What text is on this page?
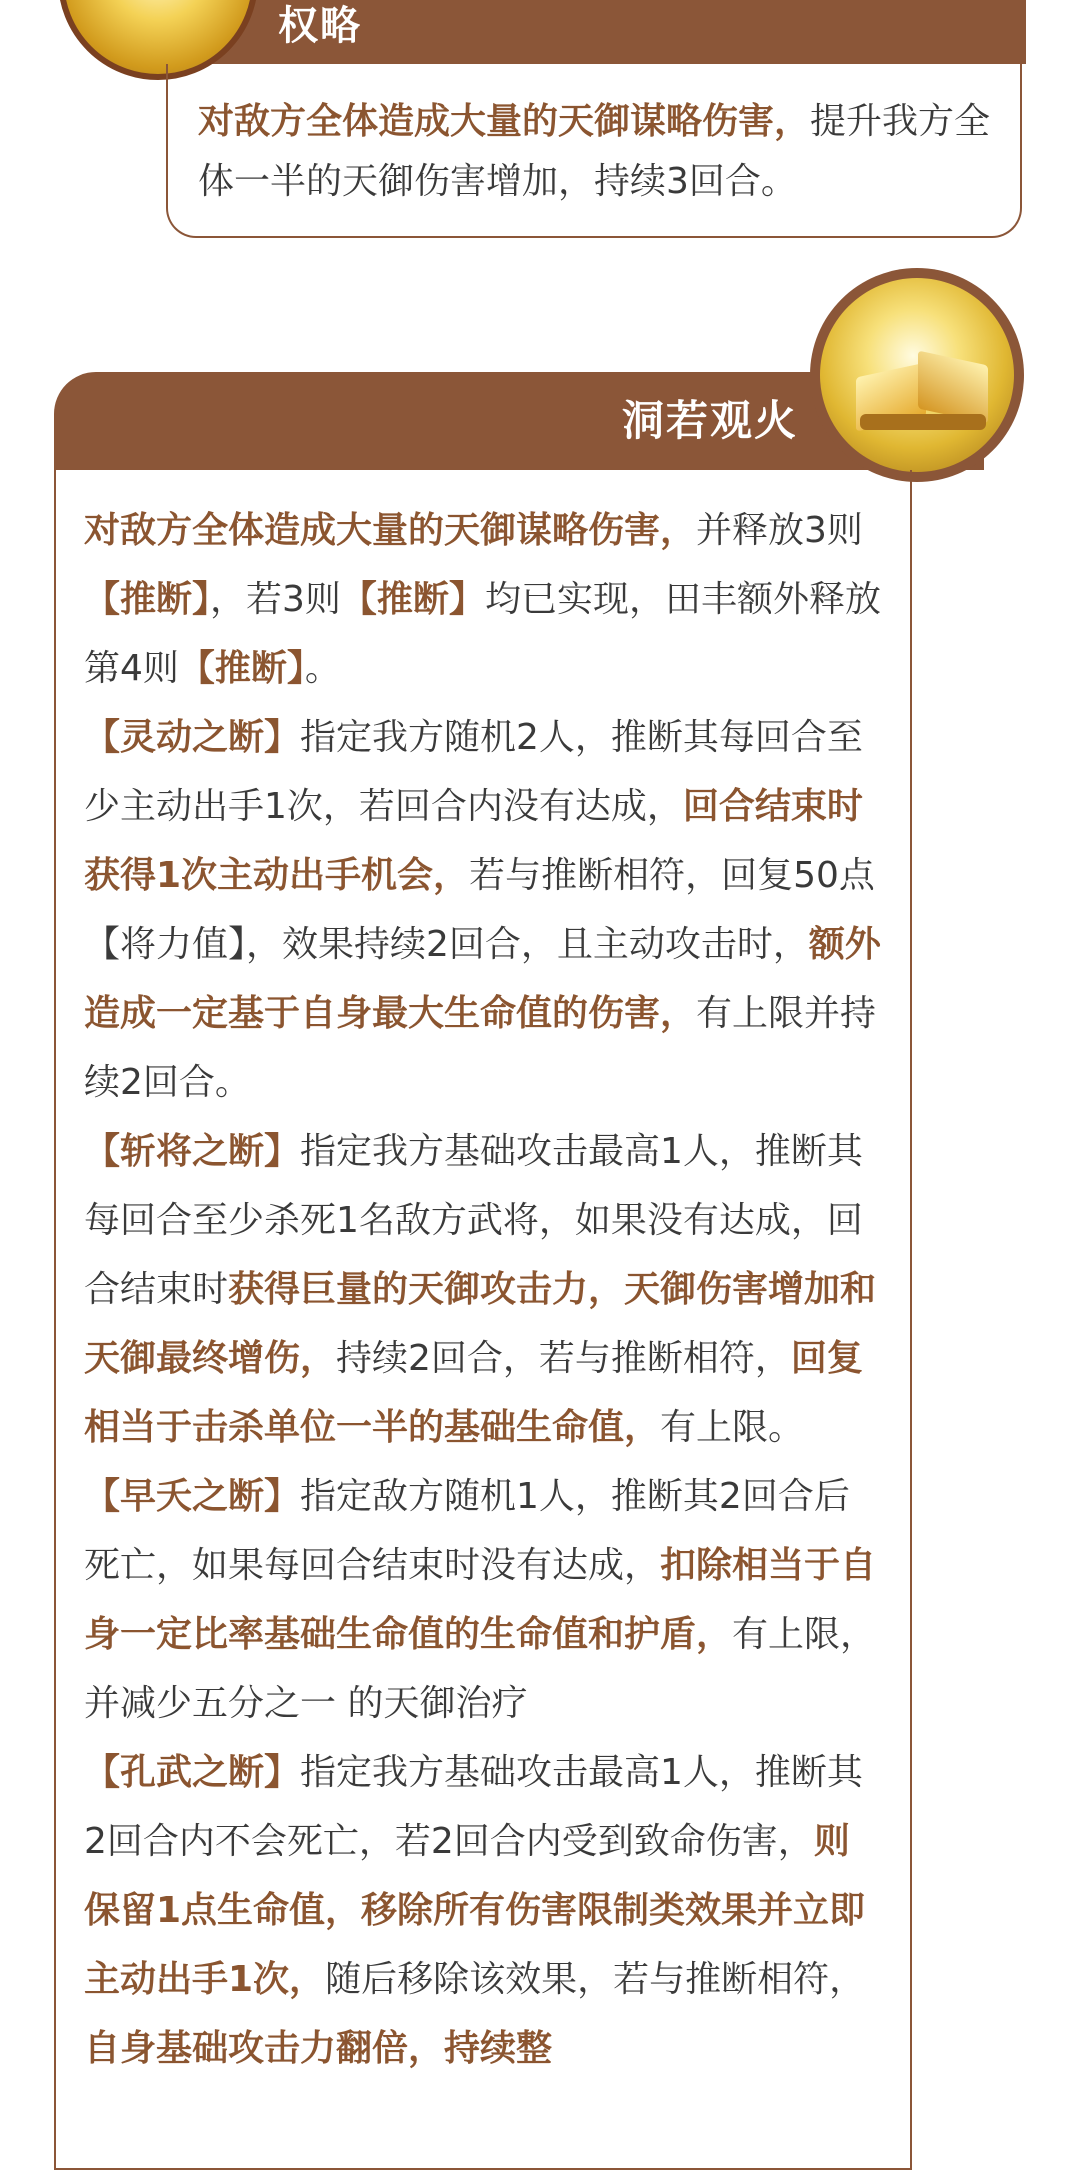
权略
对敌方全体造成大量的天御谋略伤害，提升我方全体一半的天御伤害增加，持续3回合。
洞若观火

对敌方全体造成大量的天御谋略伤害，并释放3则【推断】，若3则【推断】均已实现，田丰额外释放第4则【推断】。

【灵动之断】指定我方随机2人，推断其每回合至少主动出手1次，若回合内没有达成，回合结束时获得1次主动出手机会，若与推断相符，回复50点【将力值】，效果持续2回合，且主动攻击时，额外造成一定基于自身最大生命值的伤害，有上限并持续2回合。

【斩将之断】指定我方基础攻击最高1人，推断其每回合至少杀死1名敌方武将，如果没有达成，回合结束时获得巨量的天御攻击力，天御伤害增加和天御最终增伤，持续2回合，若与推断相符，回复相当于击杀单位一半的基础生命值，有上限。

【早夭之断】指定敌方随机1人，推断其2回合后死亡，如果每回合结束时没有达成，扣除相当于自身一定比率基础生命值的生命值和护盾，有上限，并减少五分之一 的天御治疗

【孔武之断】指定我方基础攻击最高1人，推断其2回合内不会死亡，若2回合内受到致命伤害，则保留1点生命值，移除所有伤害限制类效果并立即主动出手1次，随后移除该效果，若与推断相符，自身基础攻击力翻倍，持续整
